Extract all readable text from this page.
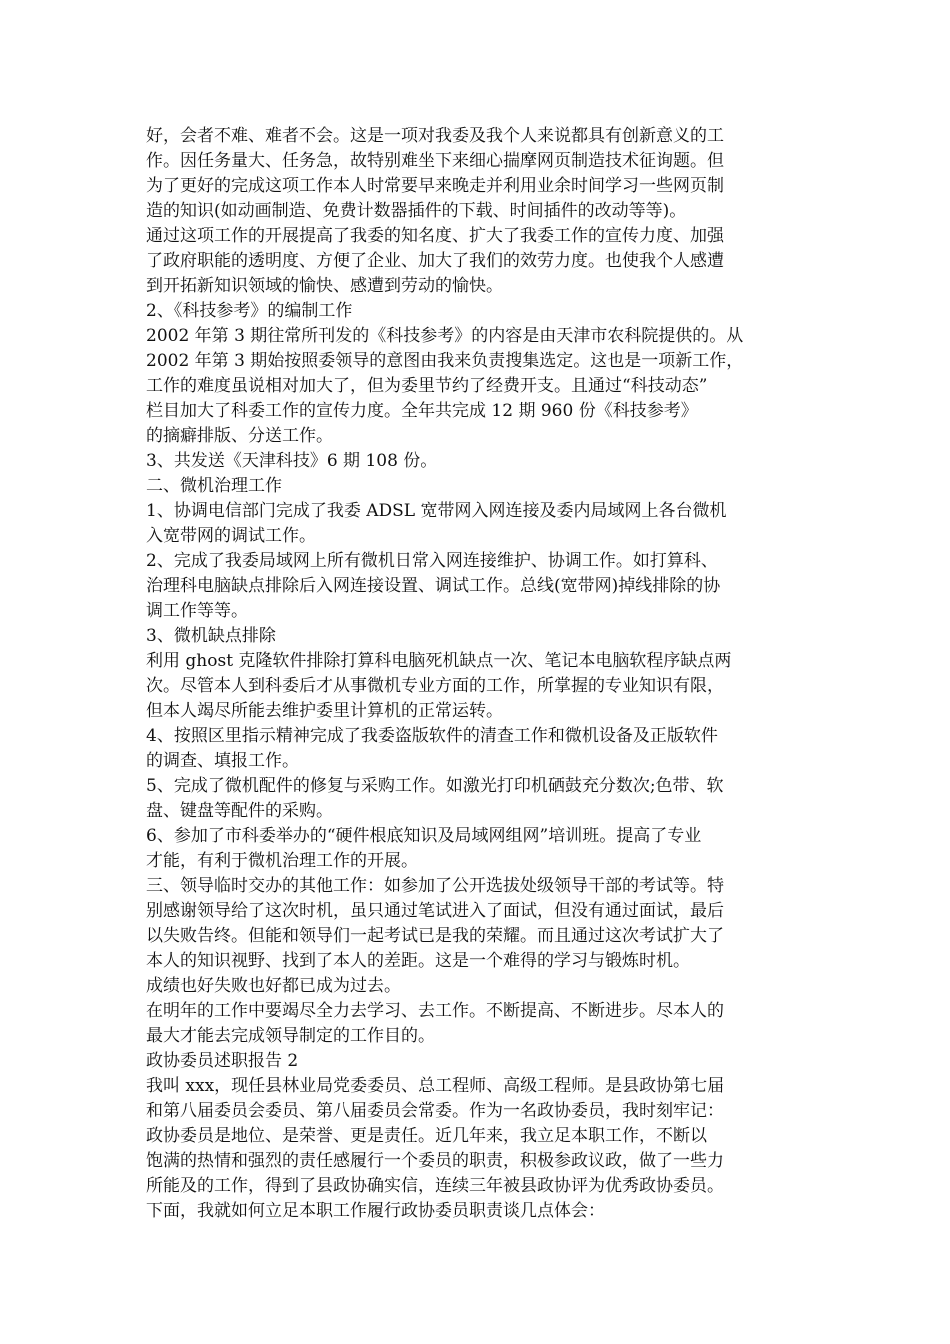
好，会者不难、难者不会。这是一项对我委及我个人来说都具有创新意义的工
作。因任务量大、任务急，故特别难坐下来细心揣摩网页制造技术征询题。但
为了更好的完成这项工作本人时常要早来晚走并利用业余时间学习一些网页制
造的知识(如动画制造、免费计数器插件的下载、时间插件的改动等等)。
通过这项工作的开展提高了我委的知名度、扩大了我委工作的宣传力度、加强
了政府职能的透明度、方便了企业、加大了我们的效劳力度。也使我个人感遭
到开拓新知识领域的愉快、感遭到劳动的愉快。
2、《科技参考》的编制工作
2002 年第 3 期往常所刊发的《科技参考》的内容是由天津市农科院提供的。从
2002 年第 3 期始按照委领导的意图由我来负责搜集选定。这也是一项新工作，
工作的难度虽说相对加大了，但为委里节约了经费开支。且通过“科技动态”
栏目加大了科委工作的宣传力度。全年共完成 12 期 960 份《科技参考》
的摘癖排版、分送工作。
3、共发送《天津科技》6 期 108 份。
二、微机治理工作
1、协调电信部门完成了我委 ADSL 宽带网入网连接及委内局域网上各台微机
入宽带网的调试工作。
2、完成了我委局域网上所有微机日常入网连接维护、协调工作。如打算科、
治理科电脑缺点排除后入网连接设置、调试工作。总线(宽带网)掉线排除的协
调工作等等。
3、微机缺点排除
利用 ghost 克隆软件排除打算科电脑死机缺点一次、笔记本电脑软程序缺点两
次。尽管本人到科委后才从事微机专业方面的工作，所掌握的专业知识有限，
但本人竭尽所能去维护委里计算机的正常运转。
4、按照区里指示精神完成了我委盗版软件的清查工作和微机设备及正版软件
的调查、填报工作。
5、完成了微机配件的修复与采购工作。如激光打印机硒鼓充分数次;色带、软
盘、键盘等配件的采购。
6、参加了市科委举办的“硬件根底知识及局域网组网”培训班。提高了专业
才能，有利于微机治理工作的开展。
三、领导临时交办的其他工作：如参加了公开选拔处级领导干部的考试等。特
别感谢领导给了这次时机，虽只通过笔试进入了面试，但没有通过面试，最后
以失败告终。但能和领导们一起考试已是我的荣耀。而且通过这次考试扩大了
本人的知识视野、找到了本人的差距。这是一个难得的学习与锻炼时机。
成绩也好失败也好都已成为过去。
在明年的工作中要竭尽全力去学习、去工作。不断提高、不断进步。尽本人的
最大才能去完成领导制定的工作目的。
政协委员述职报告 2
我叫 xxx，现任县林业局党委委员、总工程师、高级工程师。是县政协第七届
和第八届委员会委员、第八届委员会常委。作为一名政协委员，我时刻牢记：
政协委员是地位、是荣誉、更是责任。近几年来，我立足本职工作，不断以
饱满的热情和强烈的责任感履行一个委员的职责，积极参政议政，做了一些力
所能及的工作，得到了县政协确实信，连续三年被县政协评为优秀政协委员。
下面，我就如何立足本职工作履行政协委员职责谈几点体会：
